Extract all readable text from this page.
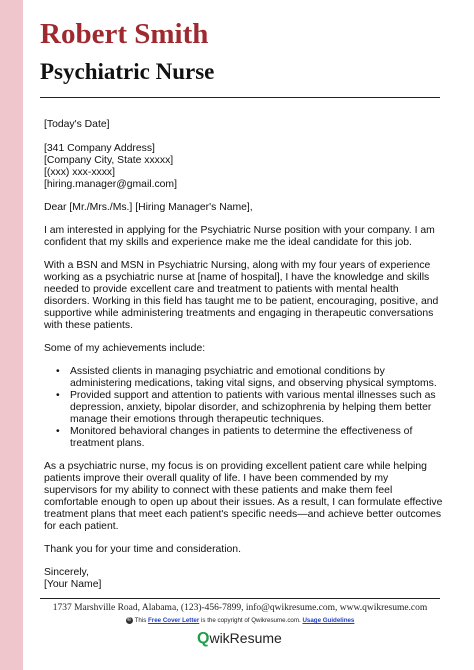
Robert Smith
Psychiatric Nurse

[Today's Date]

[341 Company Address]

[Company City, State xxxxx]

[(xxx) xxx-xxxx]

[hiring.manager@gmail.com]

Dear [Mr./Mrs./Ms.] [Hiring Manager's Name],

I am interested in applying for the Psychiatric Nurse position with your company. I am confident that my skills and experience make me the ideal candidate for this job.

With a BSN and MSN in Psychiatric Nursing, along with my four years of experience working as a psychiatric nurse at [name of hospital], I have the knowledge and skills needed to provide excellent care and treatment to patients with mental health disorders. Working in this field has taught me to be patient, encouraging, positive, and supportive while administering treatments and engaging in therapeutic conversations with these patients.

Some of my achievements include:

• Assisted clients in managing psychiatric and emotional conditions by administering medications, taking vital signs, and observing physical symptoms.
• Provided support and attention to patients with various mental illnesses such as depression, anxiety, bipolar disorder, and schizophrenia by helping them better manage their emotions through therapeutic techniques.
• Monitored behavioral changes in patients to determine the effectiveness of treatment plans.

As a psychiatric nurse, my focus is on providing excellent patient care while helping patients improve their overall quality of life. I have been commended by my supervisors for my ability to connect with these patients and make them feel comfortable enough to open up about their issues. As a result, I can formulate effective treatment plans that meet each patient's specific needs—and achieve better outcomes for each patient.

Thank you for your time and consideration.

Sincerely,

[Your Name]

1737 Marshville Road, Alabama, (123)-456-7899, info@qwikresume.com, www.qwikresume.com
© This Free Cover Letter is the copyright of Qwikresume.com. Usage Guidelines
QwikResume
